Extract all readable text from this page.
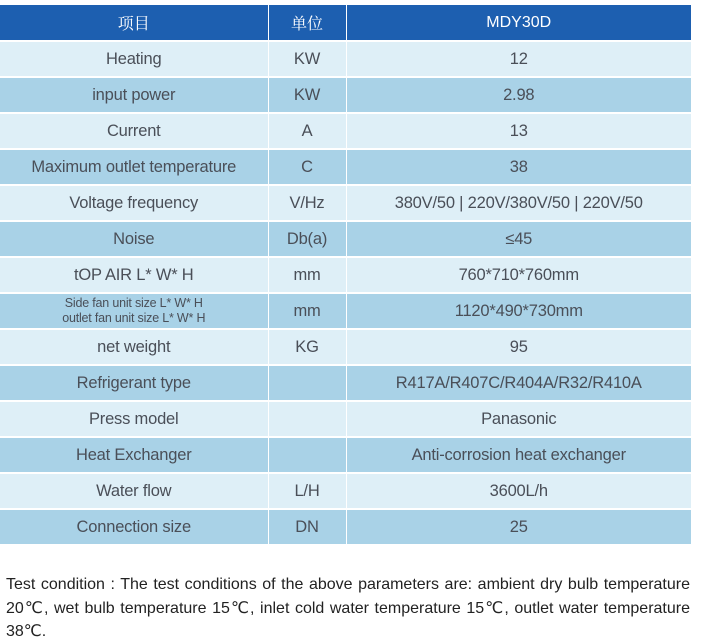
项目	单位	MDY30D
Heating	KW	12
input power	KW	2.98
Current	A	13
Maximum outlet temperature	C	38
Voltage frequency	V/Hz	380V/50 | 220V/380V/50 | 220V/50
Noise	Db(a)	≤45
tOP AIR L* W* H	mm	760*710*760mm

Side fan unit size L* W* H
outlet fan unit size L* W* H	mm	1120*490*730mm
net weight	KG	95
Refrigerant type		R417A/R407C/R404A/R32/R410A
Press model		Panasonic
Heat Exchanger		Anti-corrosion heat exchanger
Water flow	L/H	3600L/h
Connection size	DN	25

Test condition : The test conditions of the above parameters are: ambient dry bulb temperature 20℃, wet bulb temperature 15℃, inlet cold water temperature 15℃, outlet water temperature 38℃.
